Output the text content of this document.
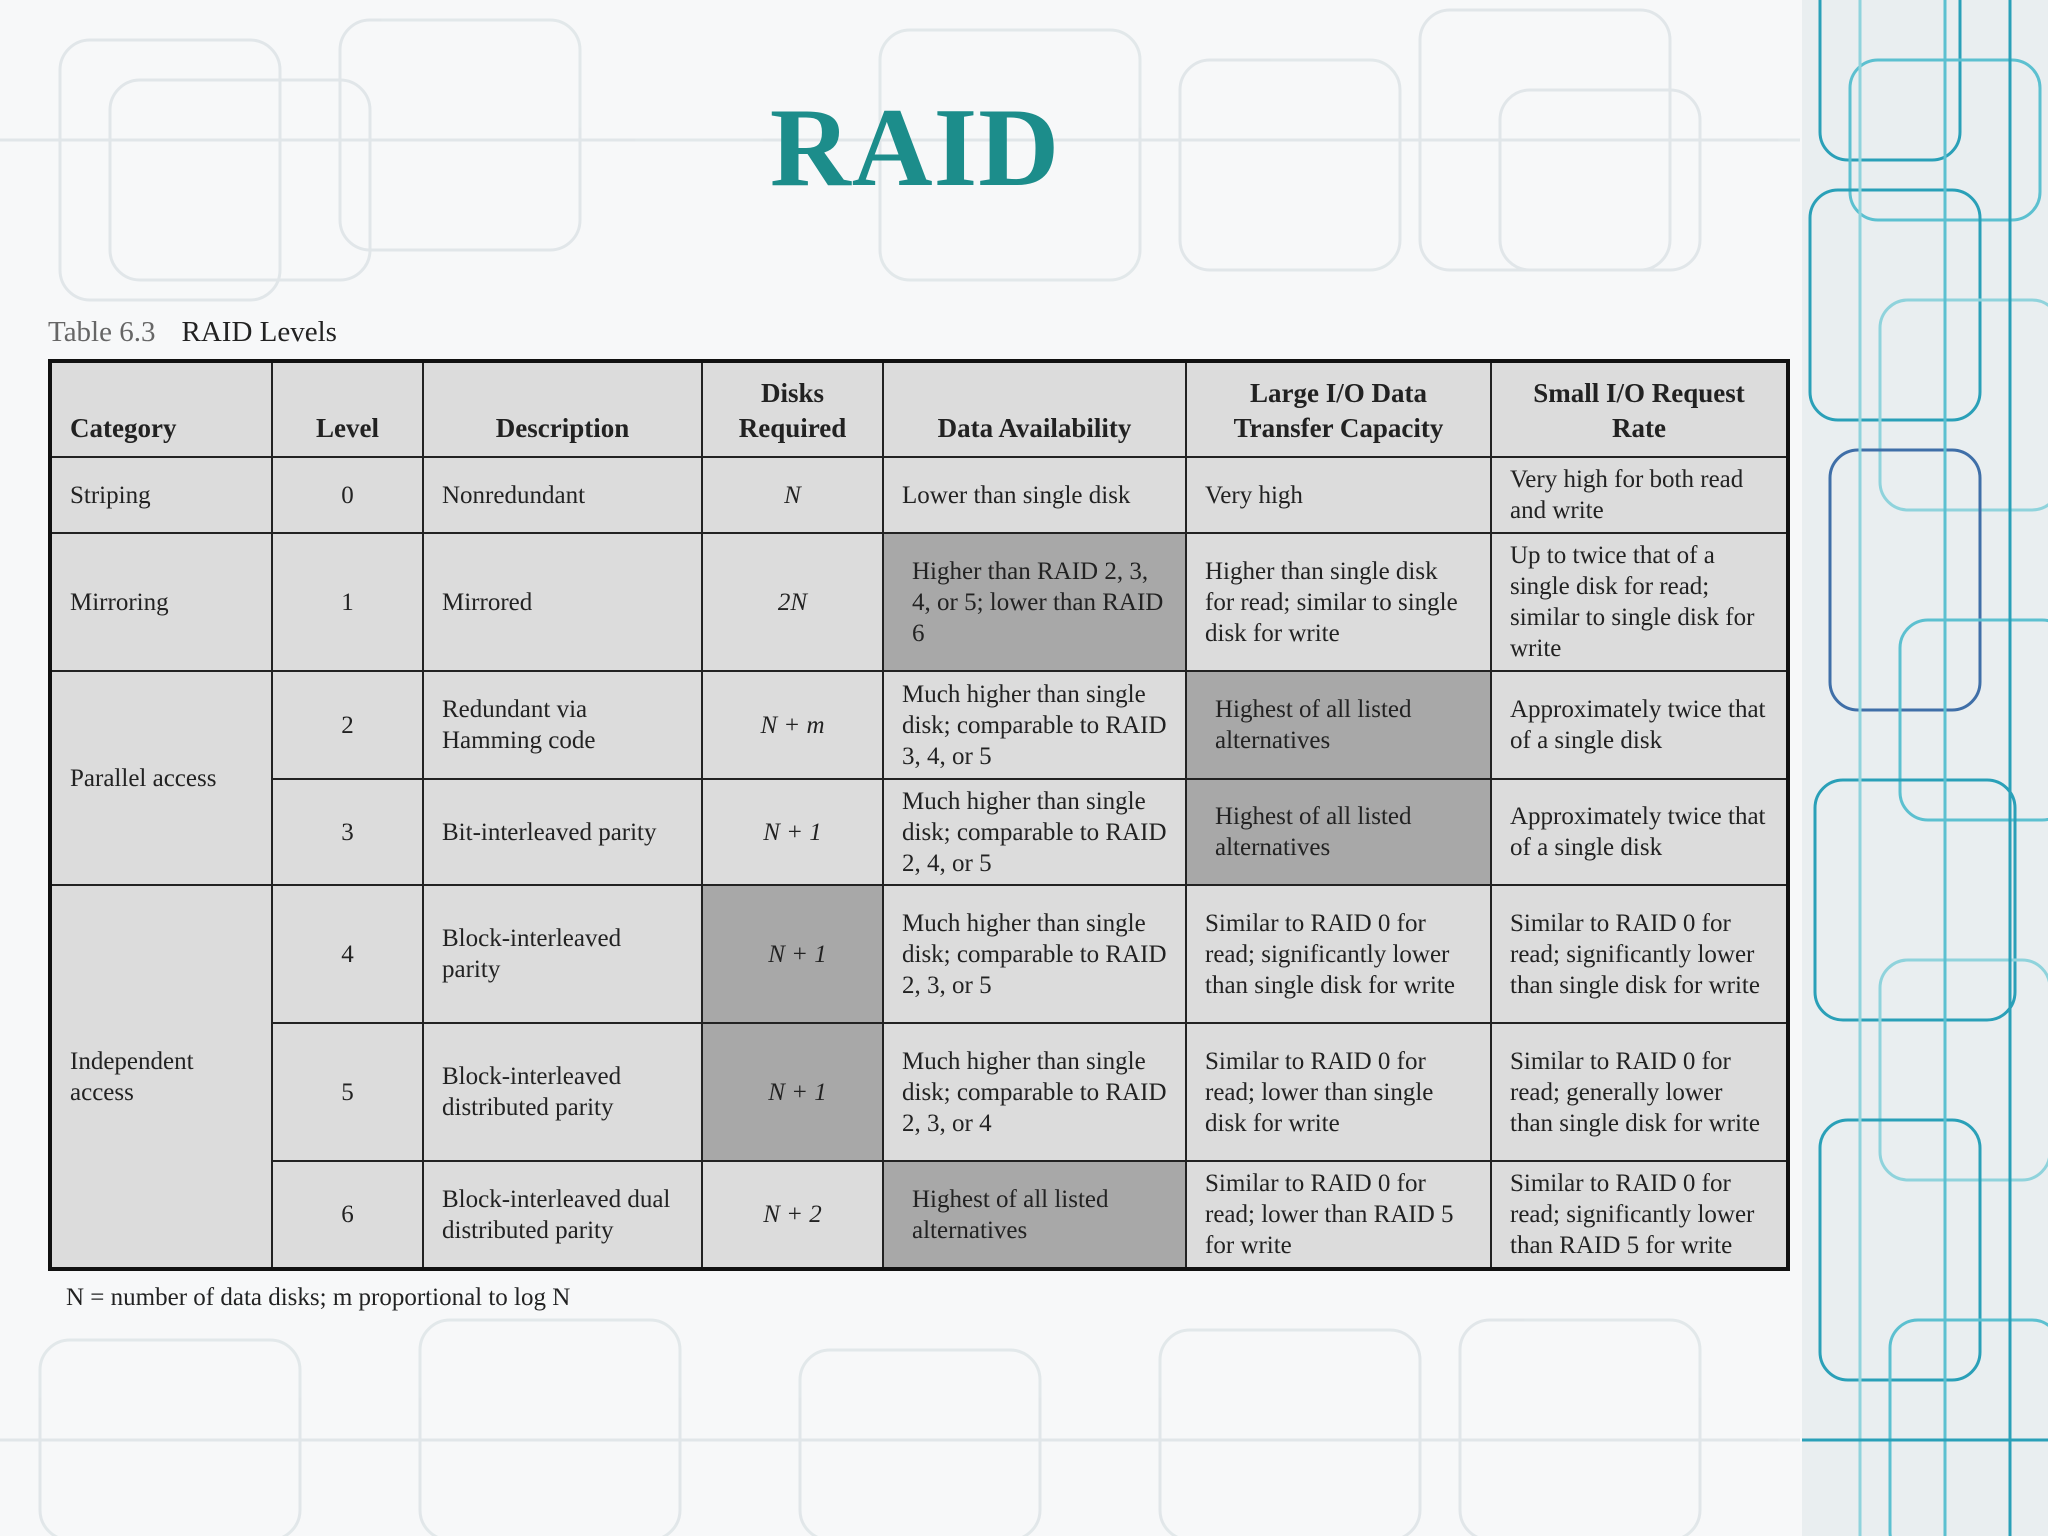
RAID
Table 6.3 RAID Levels
Category	Level	Description	Disks Required	Data Availability	Large I/O Data Transfer Capacity	Small I/O Request Rate
Striping	0	Nonredundant	N	Lower than single disk	Very high	Very high for both read and write
Mirroring	1	Mirrored	2N	Higher than RAID 2, 3, 4, or 5; lower than RAID 6	Higher than single disk for read; similar to single disk for write	Up to twice that of a single disk for read; similar to single disk for write
Parallel access	2	Redundant via Hamming code	N + m	Much higher than single disk; comparable to RAID 3, 4, or 5	Highest of all listed alternatives	Approximately twice that of a single disk
	3	Bit-interleaved parity	N + 1	Much higher than single disk; comparable to RAID 2, 4, or 5	Highest of all listed alternatives	Approximately twice that of a single disk
Independent access	4	Block-interleaved parity	N + 1	Much higher than single disk; comparable to RAID 2, 3, or 5	Similar to RAID 0 for read; significantly lower than single disk for write	Similar to RAID 0 for read; significantly lower than single disk for write
	5	Block-interleaved distributed parity	N + 1	Much higher than single disk; comparable to RAID 2, 3, or 4	Similar to RAID 0 for read; lower than single disk for write	Similar to RAID 0 for read; generally lower than single disk for write
	6	Block-interleaved dual distributed parity	N + 2	Highest of all listed alternatives	Similar to RAID 0 for read; lower than RAID 5 for write	Similar to RAID 0 for read; significantly lower than RAID 5 for write
N = number of data disks; m proportional to log N
